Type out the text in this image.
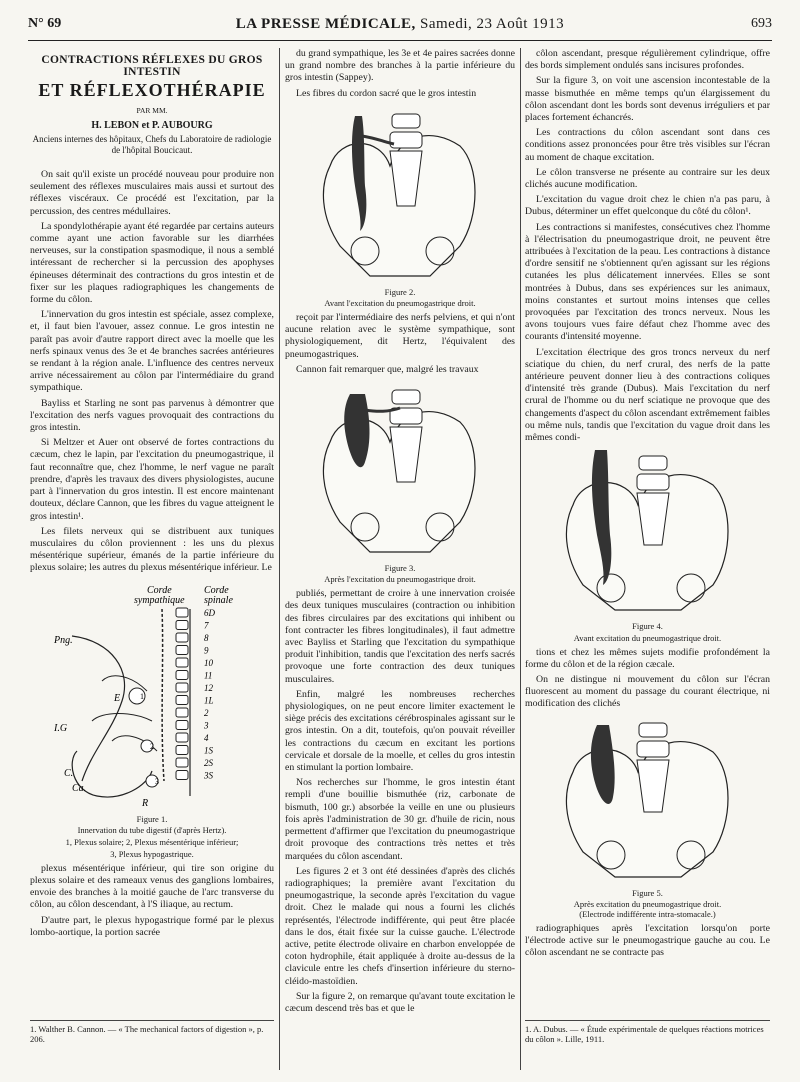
N° 69	LA PRESSE MÉDICALE, Samedi, 23 Août 1913	693
CONTRACTIONS RÉFLEXES DU GROS INTESTIN
ET RÉFLEXOTHÉRAPIE
PAR MM.
H. LEBON et P. AUBOURG
Anciens internes des hôpitaux, Chefs du Laboratoire de radiologie de l'hôpital Boucicaut.

On sait qu'il existe un procédé nouveau pour produire non seulement des réflexes musculaires mais aussi et surtout des réflexes viscéraux. Ce procédé est l'excitation, par la percussion, des centres médullaires.

La spondylothérapie ayant été regardée par certains auteurs comme ayant une action favorable sur les diarrhées nerveuses, sur la constipation spasmodique, il nous a semblé intéressant de rechercher si la percussion des apophyses épineuses déterminait des contractions du gros intestin et de fixer sur les plaques radiographiques les changements de forme du côlon.

L'innervation du gros intestin est spéciale, assez complexe, et, il faut bien l'avouer, assez connue. Le gros intestin ne paraît pas avoir d'autre rapport direct avec la moelle que les nerfs spinaux venus des 3e et 4e branches sacrées antérieures se rendant à la région anale. L'influence des centres nerveux arrive nécessairement au côlon par l'intermédiaire du grand sympathique.

Bayliss et Starling ne sont pas parvenus à démontrer que l'excitation des nerfs vagues provoquait des contractions du gros intestin.

Si Meltzer et Auer ont observé de fortes contractions du cæcum, chez le lapin, par l'excitation du pneumogastrique, il faut reconnaître que, chez l'homme, le nerf vague ne paraît prendre, d'après les travaux des divers physiologistes, aucune part à l'innervation du gros intestin. Il est encore maintenant douteux, déclare Cannon, que les fibres du vague atteignent le gros intestin¹.

Les filets nerveux qui se distribuent aux tuniques musculaires du côlon proviennent : les uns du plexus mésentérique supérieur, émanés de la partie inférieure du plexus solaire; les autres du plexus mésentérique inférieur. Le

Corde
sympathique
Corde
spinale
6D
7
8
9
10
11
12
1L
2
3
4
1S
2S
3S
Png.
E
I.G
C.
Ca.
R
1
2
3
Figure 1.
Innervation du tube digestif (d'après Hertz).
1, Plexus solaire; 2, Plexus mésentérique inférieur;
3, Plexus hypogastrique.

plexus mésentérique inférieur, qui tire son origine du plexus solaire et des rameaux venus des ganglions lombaires, envoie des branches à la moitié gauche de l'arc transverse du côlon, au côlon descendant, à l'S iliaque, au rectum.

D'autre part, le plexus hypogastrique formé par le plexus lombo-aortique, la portion sacrée

du grand sympathique, les 3e et 4e paires sacrées donne un grand nombre des branches à la partie inférieure du gros intestin (Sappey).

Les fibres du cordon sacré que le gros intestin

Figure 2.
Avant l'excitation du pneumogastrique droit.

reçoit par l'intermédiaire des nerfs pelviens, et qui n'ont aucune relation avec le système sympathique, sont physiologiquement, dit Hertz, l'équivalent des pneumogastriques.

Cannon fait remarquer que, malgré les travaux

Figure 3.
Après l'excitation du pneumogastrique droit.

publiés, permettant de croire à une innervation croisée des deux tuniques musculaires (contraction ou inhibition des fibres circulaires par des excitations qui inhibent ou font contracter les fibres longitudinales), il faut admettre avec Bayliss et Starling que l'excitation du sympathique produit l'inhibition, tandis que l'excitation des nerfs sacrés provoque une forte contraction des deux tuniques musculaires.

Enfin, malgré les nombreuses recherches physiologiques, on ne peut encore limiter exactement le siège précis des excitations cérébrospinales agissant sur le gros intestin. On a dit, toutefois, qu'on pouvait réveiller les contractions du cæcum en excitant les portions cervicale et dorsale de la moelle, et celles du gros intestin en stimulant la portion lombaire.

Nos recherches sur l'homme, le gros intestin étant rempli d'une bouillie bismuthée (riz, carbonate de bismuth, 100 gr.) absorbée la veille en une ou plusieurs fois après l'administration de 30 gr. d'huile de ricin, nous permettent d'affirmer que l'excitation du pneumogastrique droit provoque des contractions très nettes et très marquées du côlon ascendant.

Les figures 2 et 3 ont été dessinées d'après des clichés radiographiques; la première avant l'excitation du pneumogastrique, la seconde après l'excitation du vague droit. Chez le malade qui nous a fourni les clichés représentés, l'électrode indifférente, qui peut être placée dans le dos, était fixée sur la cuisse gauche. L'électrode active, petite électrode olivaire en charbon enveloppée de coton hydrophile, était appliquée à droite au-dessus de la clavicule entre les chefs d'insertion inférieure du sterno-cléido-mastoïdien.

Sur la figure 2, on remarque qu'avant toute excitation le cæcum descend très bas et que le

côlon ascendant, presque régulièrement cylindrique, offre des bords simplement ondulés sans incisures profondes.

Sur la figure 3, on voit une ascension incontestable de la masse bismuthée en même temps qu'un élargissement du côlon ascendant dont les bords sont devenus irréguliers et par places fortement échancrés.

Les contractions du côlon ascendant sont dans ces conditions assez prononcées pour être très visibles sur l'écran au moment de chaque excitation.

Le côlon transverse ne présente au contraire sur les deux clichés aucune modification.

L'excitation du vague droit chez le chien n'a pas paru, à Dubus, déterminer un effet quelconque du côté du côlon¹.

Les contractions si manifestes, consécutives chez l'homme à l'électrisation du pneumogastrique droit, ne peuvent être attribuées à l'excitation de la peau. Les contractions à distance d'ordre sensitif ne s'obtiennent qu'en agissant sur les régions cutanées les plus délicatement innervées. Elles se sont montrées à Dubus, dans ses expériences sur les animaux, moins constantes et surtout moins intenses que celles provoquées par l'excitation des troncs nerveux. Nous les avons toujours vues faire défaut chez l'homme avec des courants d'intensité moyenne.

L'excitation électrique des gros troncs nerveux du nerf sciatique du chien, du nerf crural, des nerfs de la patte antérieure peuvent donner lieu à des contractions coliques d'intensité très grande (Dubus). Mais l'excitation du nerf crural de l'homme ou du nerf sciatique ne provoque que des changements d'aspect du côlon ascendant extrêmement faibles ou même nuls, tandis que l'excitation du vague droit dans les mêmes condi-

Figure 4.
Avant excitation du pneumogastrique droit.

tions et chez les mêmes sujets modifie profondément la forme du côlon et de la région cæcale.

On ne distingue ni mouvement du côlon sur l'écran fluorescent au moment du passage du courant électrique, ni modification des clichés

Figure 5.
Après excitation du pneumogastrique droit.
(Electrode indifférente intra-stomacale.)

radiographiques après l'excitation lorsqu'on porte l'électrode active sur le pneumogastrique gauche au cou. Le côlon ascendant ne se contracte pas

1. Walther B. Cannon. — « The mechanical factors of digestion », p. 206.
1. A. Dubus. — « Étude expérimentale de quelques réactions motrices du côlon ». Lille, 1911.
